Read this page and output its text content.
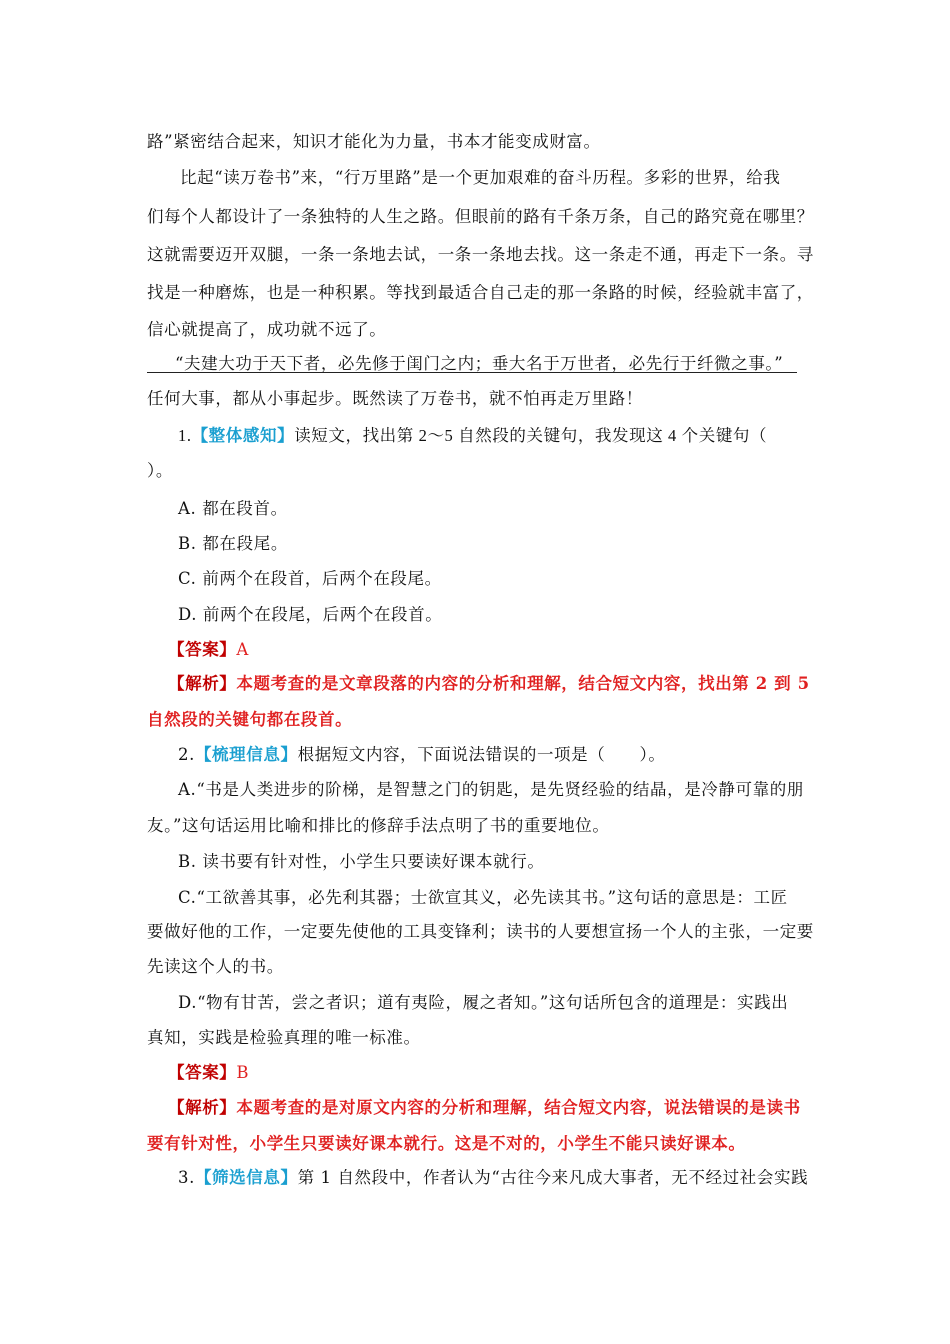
路”紧密结合起来，知识才能化为力量，书本才能变成财富。
比起“读万卷书”来，“行万里路”是一个更加艰难的奋斗历程。多彩的世界，给我
们每个人都设计了一条独特的人生之路。但眼前的路有千条万条，自己的路究竟在哪里？
这就需要迈开双腿，一条一条地去试，一条一条地去找。这一条走不通，再走下一条。寻
找是一种磨炼，也是一种积累。等找到最适合自己走的那一条路的时候，经验就丰富了，
信心就提高了，成功就不远了。
“夫建大功于天下者，必先修于闺门之内；垂大名于万世者，必先行于纤微之事。”
任何大事，都从小事起步。既然读了万卷书，就不怕再走万里路！
1.【整体感知】读短文，找出第 2～5 自然段的关键句，我发现这 4 个关键句（
）。
A. 都在段首。
B. 都在段尾。
C. 前两个在段首，后两个在段尾。
D. 前两个在段尾，后两个在段首。
【答案】A
【解析】本题考查的是文章段落的内容的分析和理解，结合短文内容，找出第 2 到 5
自然段的关键句都在段首。
2.【梳理信息】根据短文内容，下面说法错误的一项是（　　）。
A.“书是人类进步的阶梯，是智慧之门的钥匙，是先贤经验的结晶，是冷静可靠的朋
友。”这句话运用比喻和排比的修辞手法点明了书的重要地位。
B. 读书要有针对性，小学生只要读好课本就行。
C.“工欲善其事，必先利其器；士欲宣其义，必先读其书。”这句话的意思是：工匠
要做好他的工作，一定要先使他的工具变锋利；读书的人要想宣扬一个人的主张，一定要
先读这个人的书。
D.“物有甘苦，尝之者识；道有夷险，履之者知。”这句话所包含的道理是：实践出
真知，实践是检验真理的唯一标准。
【答案】B
【解析】本题考查的是对原文内容的分析和理解，结合短文内容，说法错误的是读书
要有针对性，小学生只要读好课本就行。这是不对的，小学生不能只读好课本。
3.【筛选信息】第 1 自然段中，作者认为“古往今来凡成大事者，无不经过社会实践
